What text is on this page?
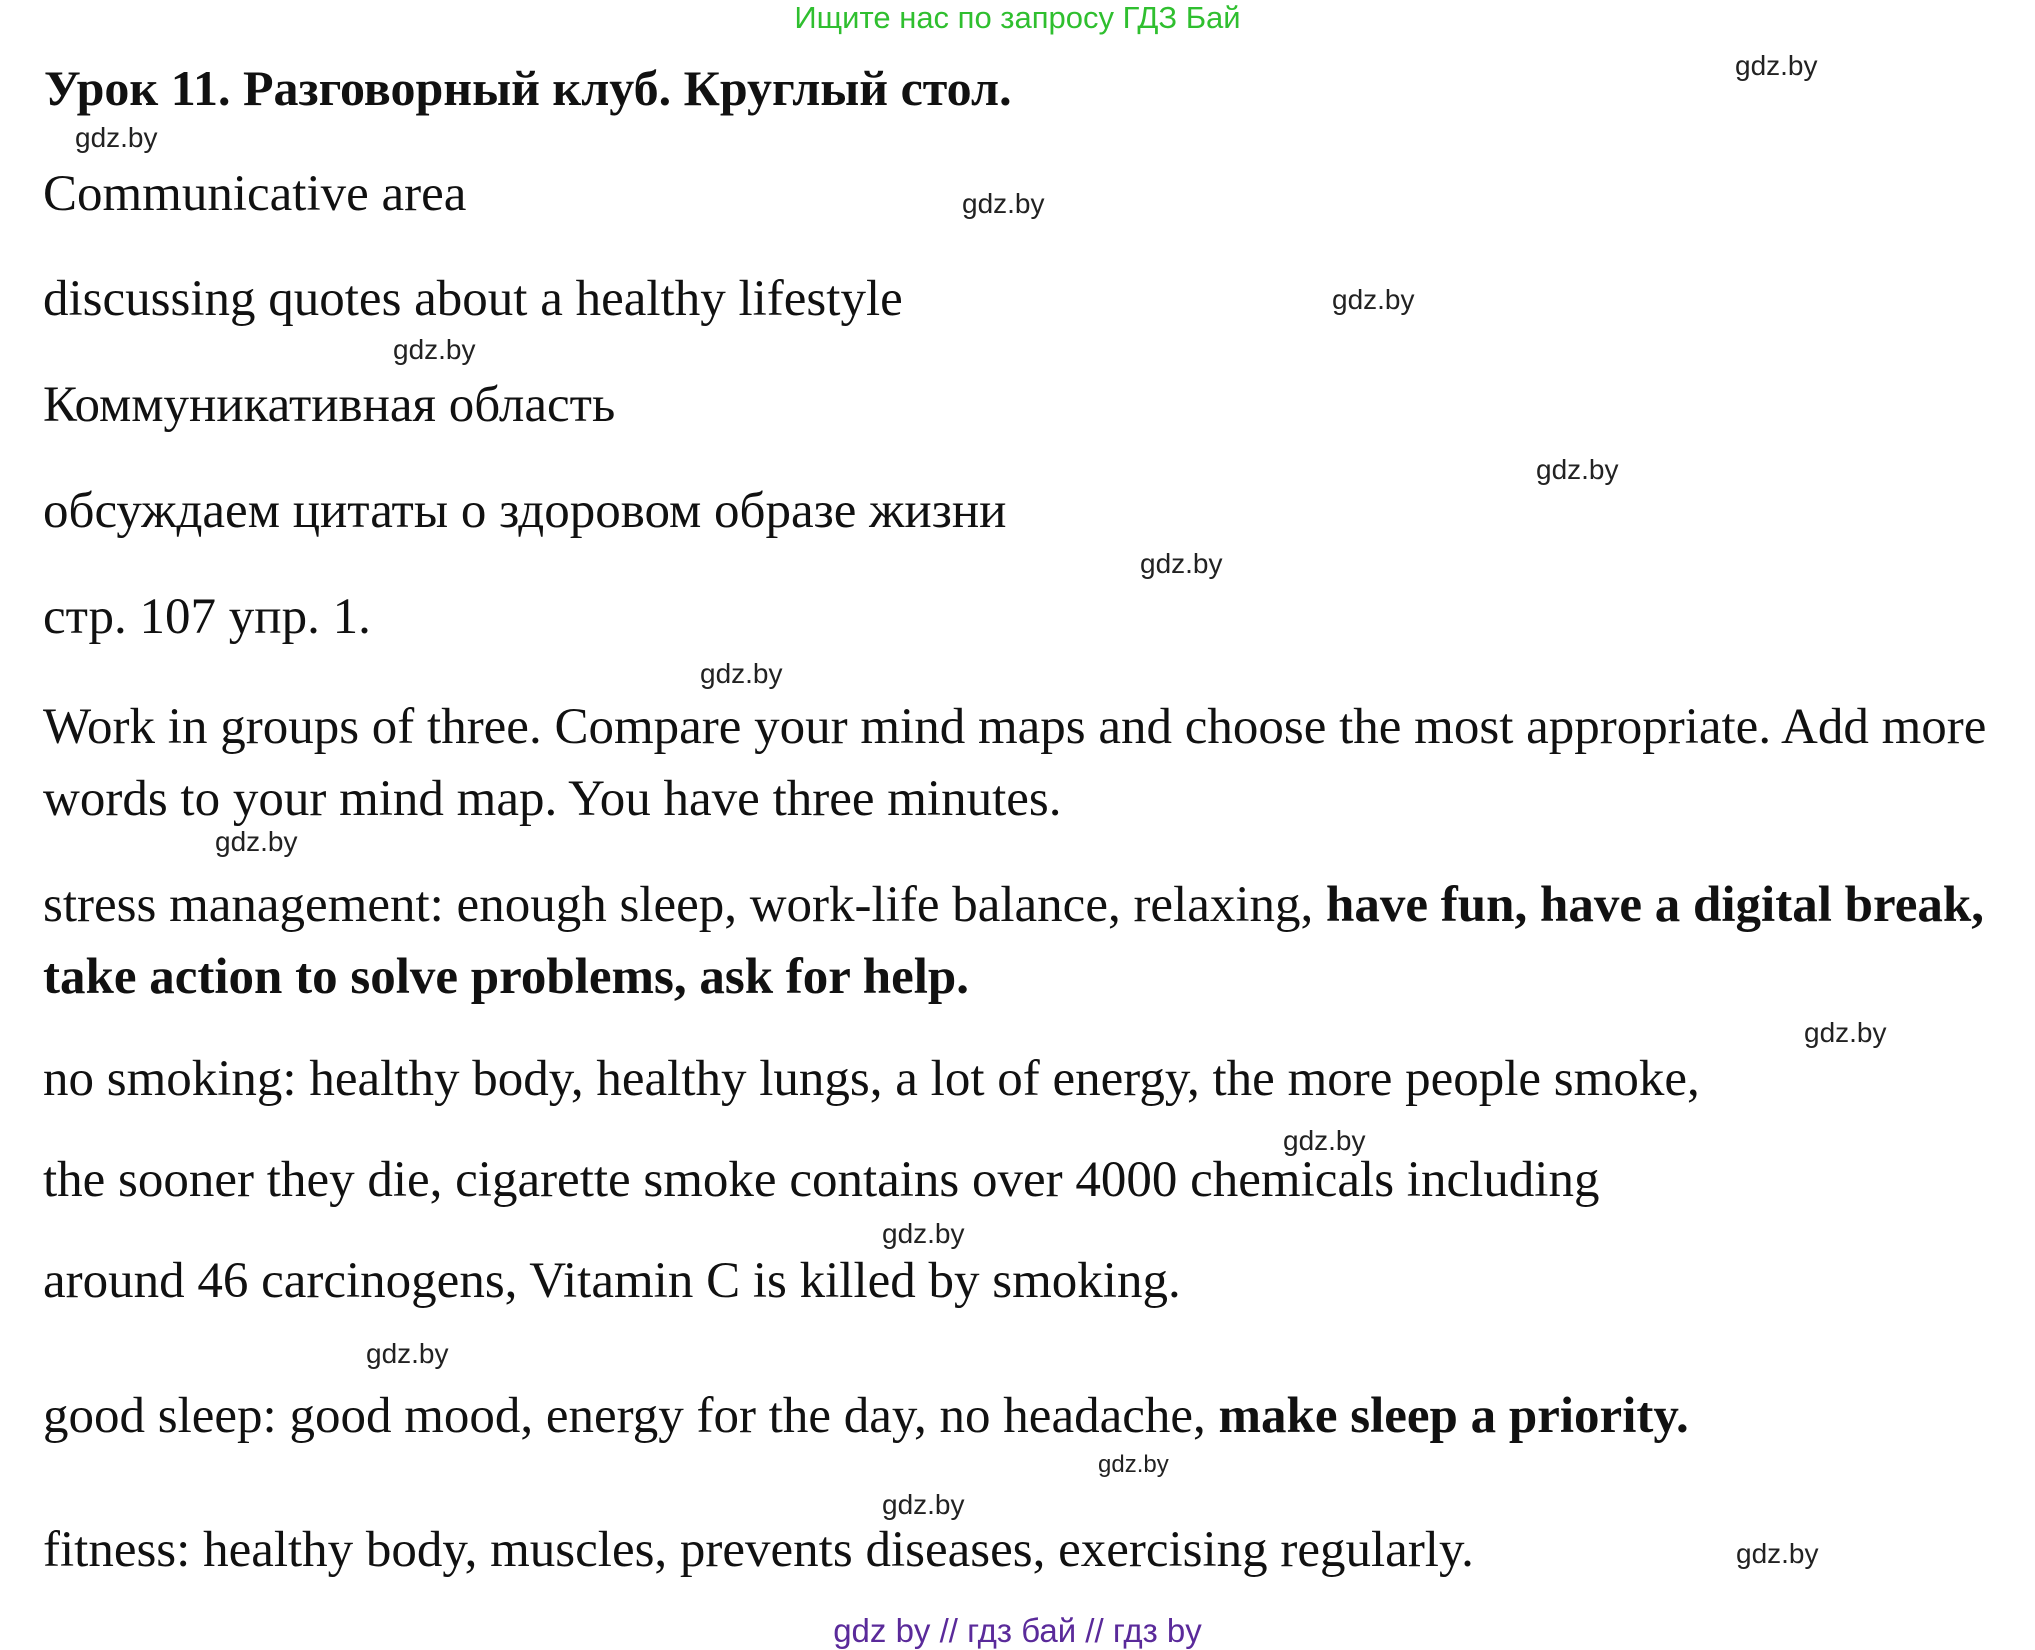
Ищите нас по запросу ГДЗ Бай
Урок 11. Разговорный клуб. Круглый стол.
Communicative area
discussing quotes about a healthy lifestyle
Коммуникативная область
обсуждаем цитаты о здоровом образе жизни
стр. 107 упр. 1.
Work in groups of three. Compare your mind maps and choose the most appropriate. Add more words to your mind map. You have three minutes.
stress management: enough sleep, work-life balance, relaxing, have fun, have a digital break, take action to solve problems, ask for help.
no smoking: healthy body, healthy lungs, a lot of energy, the more people smoke,
the sooner they die, cigarette smoke contains over 4000 chemicals including
around 46 carcinogens, Vitamin C is killed by smoking.
good sleep: good mood, energy for the day, no headache, make sleep a priority.
fitness: healthy body, muscles, prevents diseases, exercising regularly.
gdz.by
gdz.by
gdz.by
gdz.by
gdz.by
gdz.by
gdz.by
gdz.by
gdz.by
gdz.by
gdz.by
gdz.by
gdz.by
gdz.by
gdz.by
gdz.by
gdz by // гдз бай // гдз by
